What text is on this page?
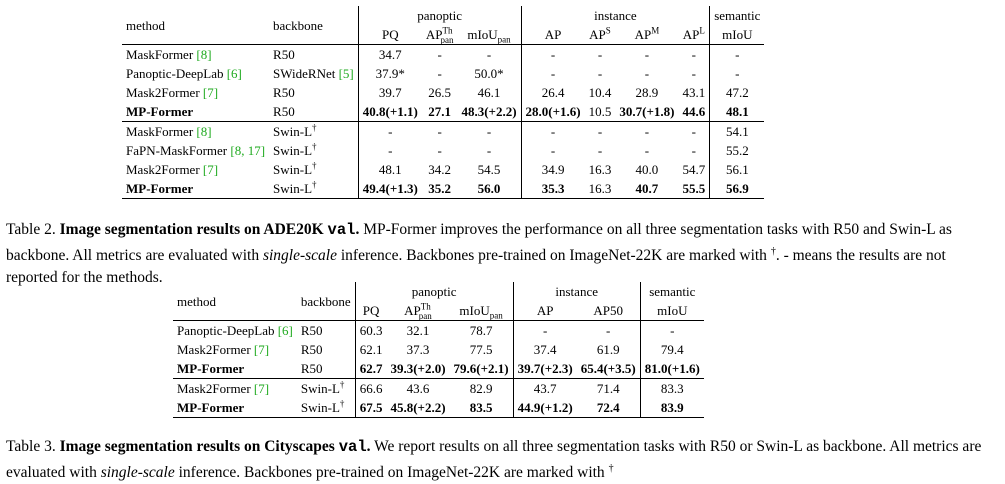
method	backbone	panoptic			instance				semantic
		PQ	$AP^{Th}_{pan}$	mIoU$_{pan}$	AP	$AP^S$	$AP^M$	$AP^L$	mIoU
MaskFormer [8]	R50	34.7	-	-	-	-	-	-	-
Panoptic-DeepLab [6]	SWideRNet [5]	37.9*	-	50.0*	-	-	-	-	-
Mask2Former [7]	R50	39.7	26.5	46.1	26.4	10.4	28.9	43.1	47.2
MP-Former	R50	40.8(+1.1)	27.1	48.3(+2.2)	28.0(+1.6)	10.5	30.7(+1.8)	44.6	48.1
MaskFormer [8]	Swin-L†	-	-	-	-	-	-	-	54.1
FaPN-MaskFormer [8, 17]	Swin-L†	-	-	-	-	-	-	-	55.2
Mask2Former [7]	Swin-L†	48.1	34.2	54.5	34.9	16.3	40.0	54.7	56.1
MP-Former	Swin-L†	49.4(+1.3)	35.2	56.0	35.3	16.3	40.7	55.5	56.9
Table 2. Image segmentation results on ADE20K val. MP-Former improves the performance on all three segmentation tasks with R50 and Swin-L as backbone. All metrics are evaluated with single-scale inference. Backbones pre-trained on ImageNet-22K are marked with †. - means the results are not reported for the methods.
method	backbone	panoptic			instance		semantic
		PQ	$AP^{Th}_{pan}$	mIoU$_{pan}$	AP	AP50	mIoU
Panoptic-DeepLab [6]	R50	60.3	32.1	78.7	-	-	-
Mask2Former [7]	R50	62.1	37.3	77.5	37.4	61.9	79.4
MP-Former	R50	62.7	39.3(+2.0)	79.6(+2.1)	39.7(+2.3)	65.4(+3.5)	81.0(+1.6)
Mask2Former [7]	Swin-L†	66.6	43.6	82.9	43.7	71.4	83.3
MP-Former	Swin-L†	67.5	45.8(+2.2)	83.5	44.9(+1.2)	72.4	83.9
Table 3. Image segmentation results on Cityscapes val. We report results on all three segmentation tasks with R50 or Swin-L as backbone. All metrics are evaluated with single-scale inference. Backbones pre-trained on ImageNet-22K are marked with †
